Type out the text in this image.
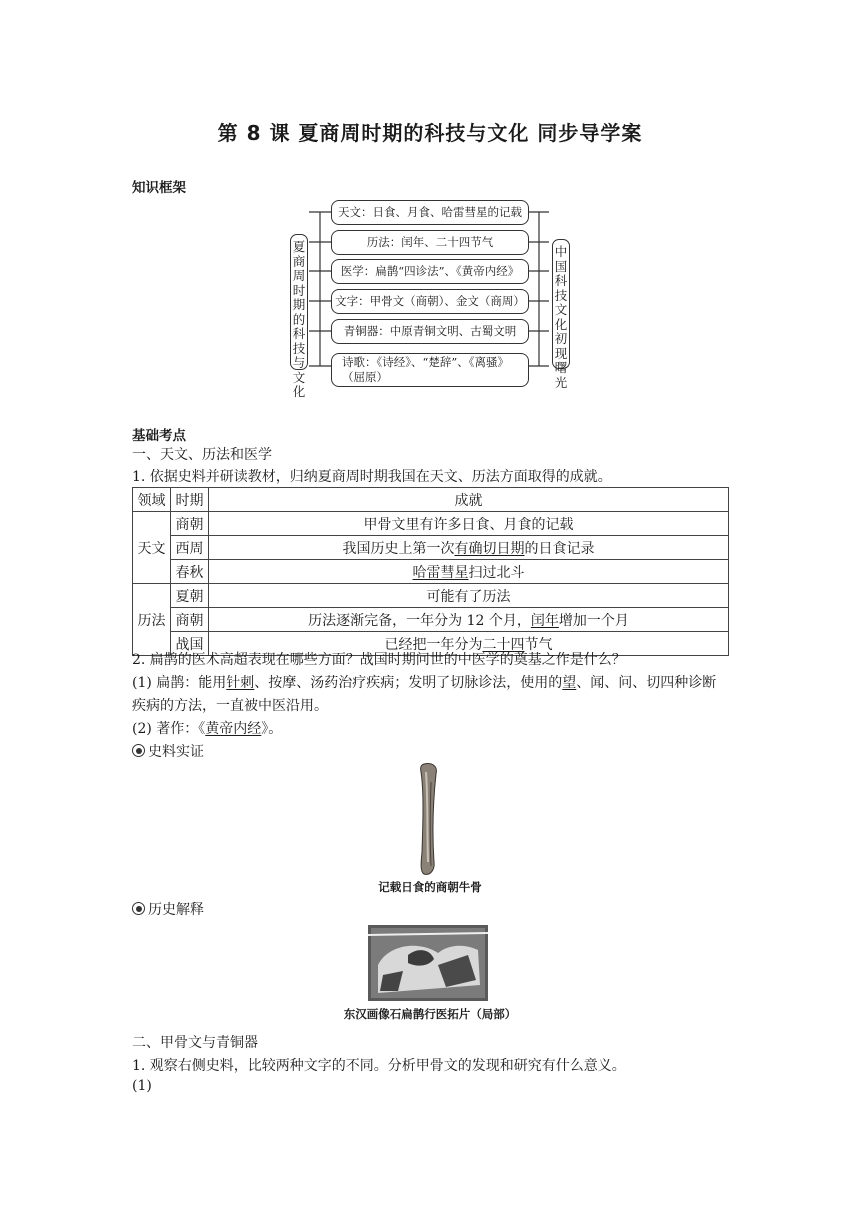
第 8 课 夏商周时期的科技与文化 同步导学案
知识框架
夏商周时期的科技与文化
中国科技文化初现曙光
天文：日食、月食、哈雷彗星的记载
历法：闰年、二十四节气
医学：扁鹊“四诊法”、《黄帝内经》
文字：甲骨文（商朝）、金文（商周）
青铜器：中原青铜文明、古蜀文明
诗歌：《诗经》、“楚辞”、《离骚》（屈原）
基础考点
一、天文、历法和医学
1. 依据史料并研读教材，归纳夏商周时期我国在天文、历法方面取得的成就。
领域	时期	成就
天文	商朝	甲骨文里有许多日食、月食的记载
	西周	我国历史上第一次有确切日期的日食记录
	春秋	哈雷彗星扫过北斗
历法	夏朝	可能有了历法
	商朝	历法逐渐完备，一年分为 12 个月，闰年增加一个月
	战国	已经把一年分为二十四节气
2. 扁鹊的医术高超表现在哪些方面？战国时期问世的中医学的奠基之作是什么？
(1) 扁鹊：能用针刺、按摩、汤药治疗疾病；发明了切脉诊法，使用的望、闻、问、切四种诊断
疾病的方法，一直被中医沿用。
(2) 著作：《黄帝内经》。
史料实证
记载日食的商朝牛骨
历史解释
东汉画像石扁鹊行医拓片（局部）
二、甲骨文与青铜器
1. 观察右侧史料，比较两种文字的不同。分析甲骨文的发现和研究有什么意义。
(1)
